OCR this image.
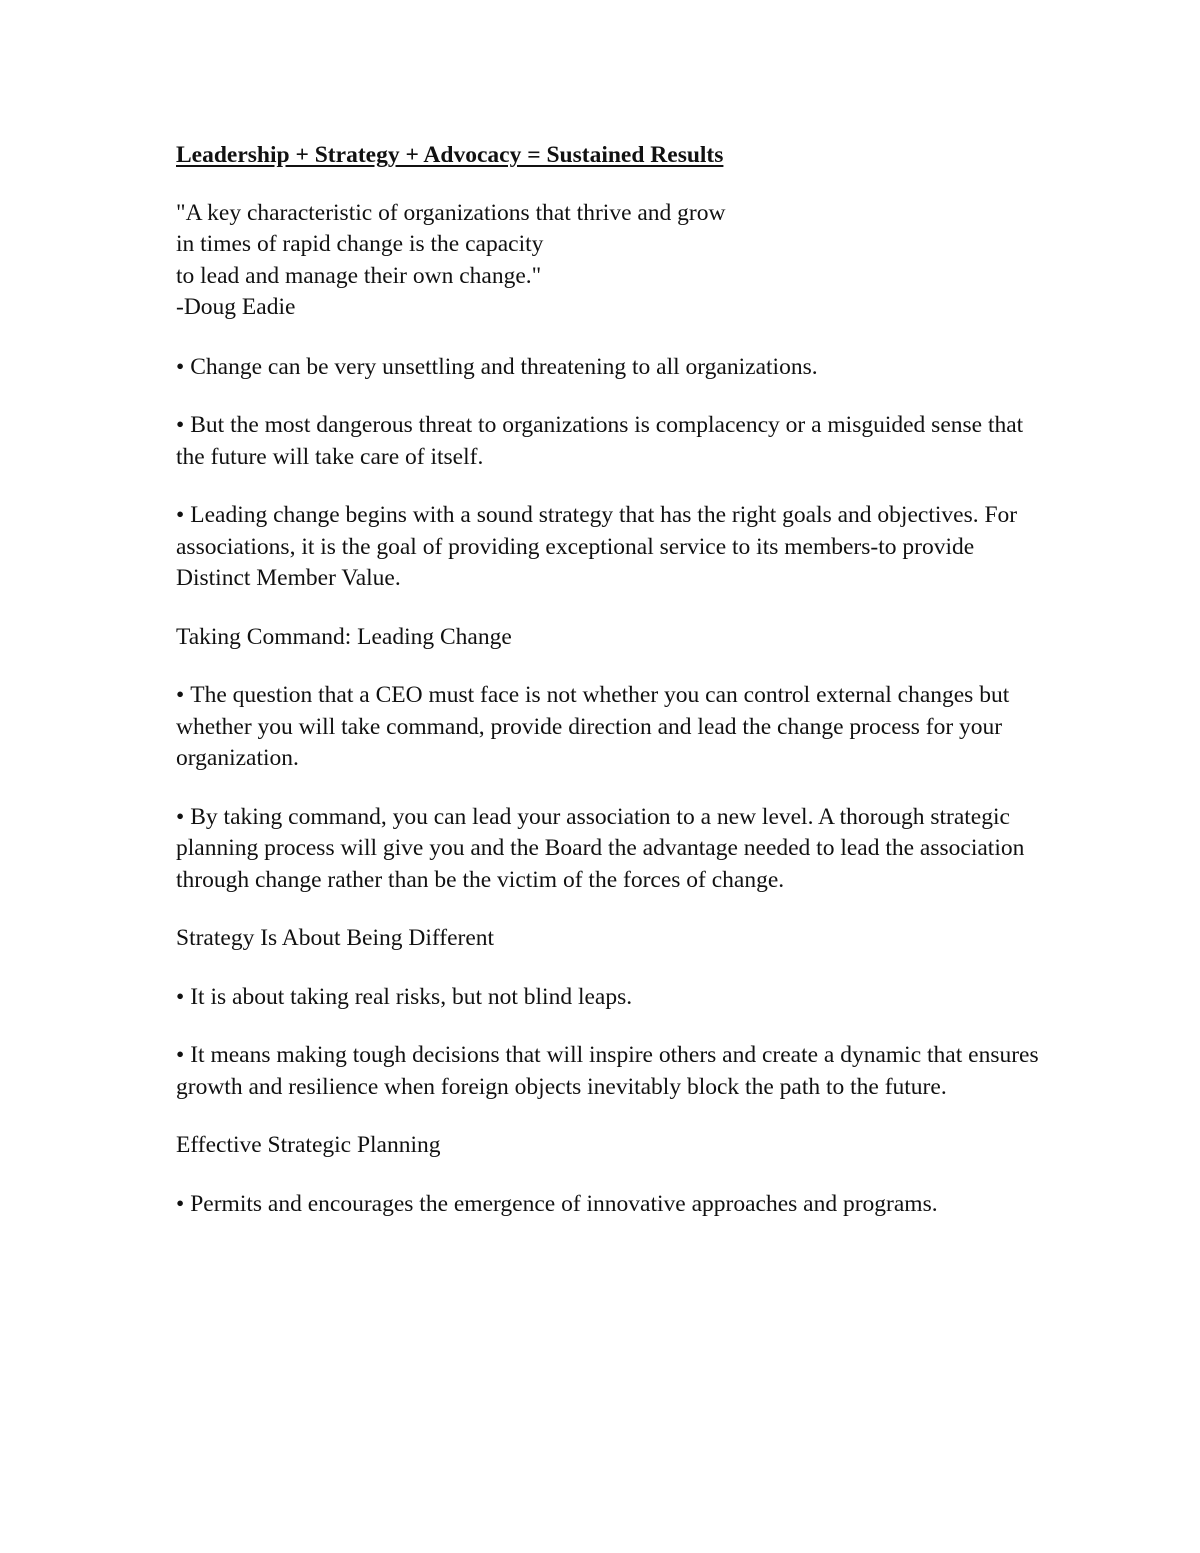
Leadership + Strategy + Advocacy = Sustained Results
"A key characteristic of organizations that thrive and grow
in times of rapid change is the capacity
to lead and manage their own change."
-Doug Eadie

• Change can be very unsettling and threatening to all organizations.

• But the most dangerous threat to organizations is complacency or a misguided sense that the future will take care of itself.

• Leading change begins with a sound strategy that has the right goals and objectives. For associations, it is the goal of providing exceptional service to its members-to provide Distinct Member Value.

Taking Command: Leading Change

• The question that a CEO must face is not whether you can control external changes but whether you will take command, provide direction and lead the change process for your organization.

• By taking command, you can lead your association to a new level. A thorough strategic planning process will give you and the Board the advantage needed to lead the association through change rather than be the victim of the forces of change.

Strategy Is About Being Different

• It is about taking real risks, but not blind leaps.

• It means making tough decisions that will inspire others and create a dynamic that ensures growth and resilience when foreign objects inevitably block the path to the future.

Effective Strategic Planning

• Permits and encourages the emergence of innovative approaches and programs.
